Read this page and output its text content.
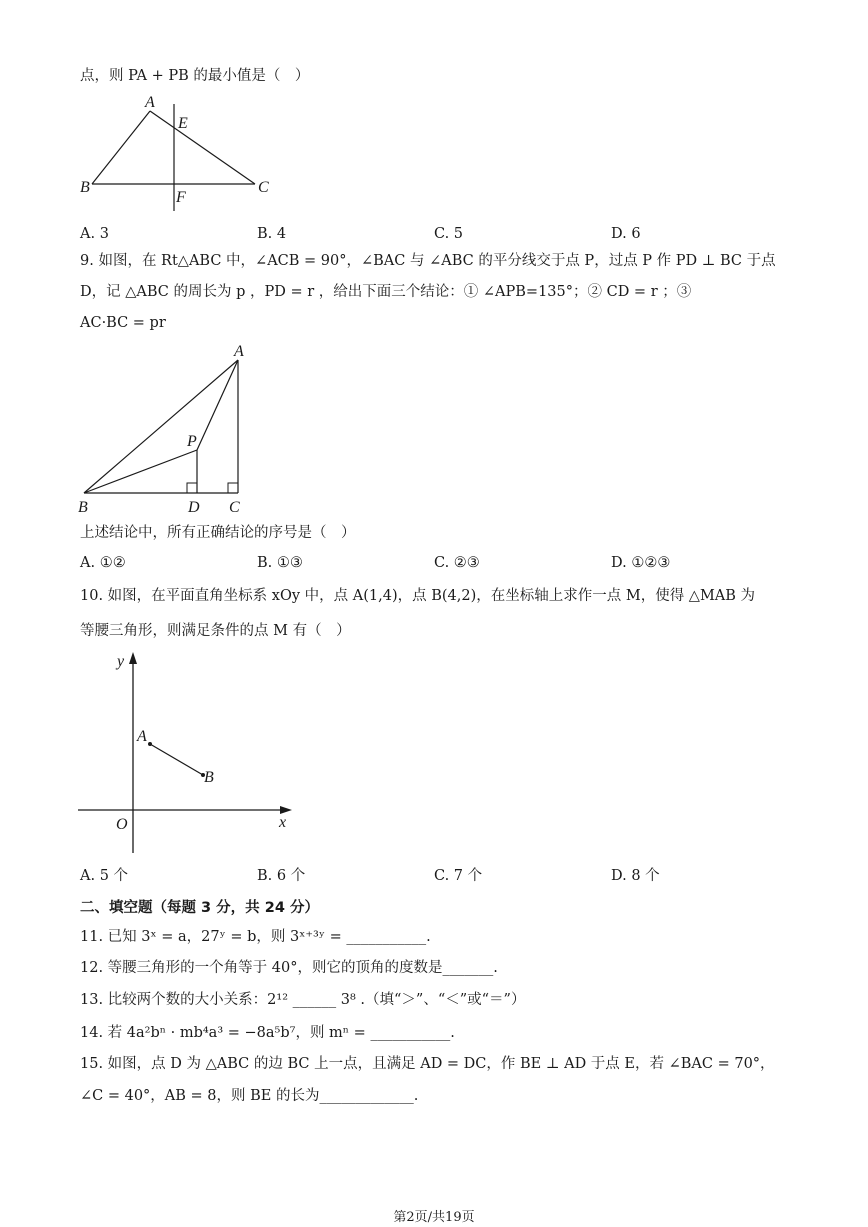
点，则 PA + PB 的最小值是（　）
A
E
B
F
C
A. 3	B. 4	C. 5	D. 6
9. 如图，在 Rt△ABC 中，∠ACB = 90°，∠BAC 与 ∠ABC 的平分线交于点 P，过点 P 作 PD ⊥ BC 于点
D，记 △ABC 的周长为 p ，PD = r ，给出下面三个结论：① ∠APB=135°；② CD = r ；③
AC·BC = pr
A
P
B	D C
上述结论中，所有正确结论的序号是（　）
A. ①②	B. ①③	C. ②③	D. ①②③
10. 如图，在平面直角坐标系 xOy 中，点 A(1,4)，点 B(4,2)，在坐标轴上求作一点 M，使得 △MAB 为
等腰三角形，则满足条件的点 M 有（　）
y
A
B
O	x
A. 5 个	B. 6 个	C. 7 个	D. 8 个
二、填空题（每题 3 分，共 24 分）
11. 已知 3ˣ = a，27ʸ = b，则 3ˣ⁺³ʸ = ___________.
12. 等腰三角形的一个角等于 40°，则它的顶角的度数是_______.
13. 比较两个数的大小关系：2¹² ______ 3⁸ .（填“＞”、“＜”或“＝”）
14. 若 4a²bⁿ · mb⁴a³ = −8a⁵b⁷，则 mⁿ = ___________.
15. 如图，点 D 为 △ABC 的边 BC 上一点，且满足 AD = DC，作 BE ⊥ AD 于点 E，若 ∠BAC = 70°，
∠C = 40°，AB = 8，则 BE 的长为_____________.
第2页/共19页
